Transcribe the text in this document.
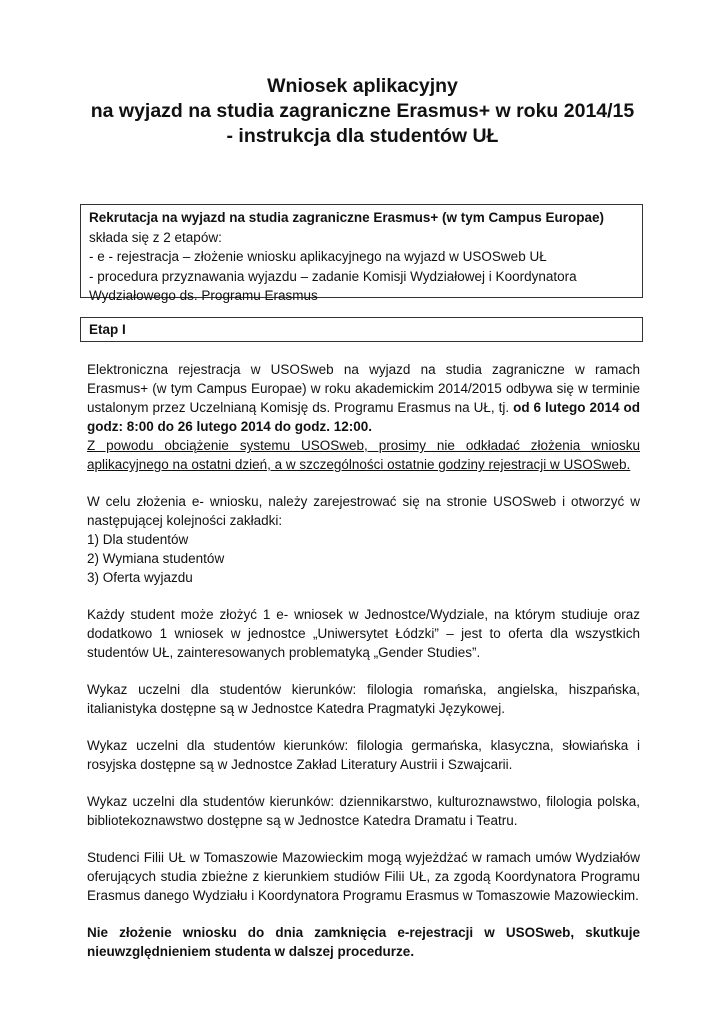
Wniosek aplikacyjny
na wyjazd na studia zagraniczne Erasmus+ w roku 2014/15
- instrukcja dla studentów UŁ
Rekrutacja na wyjazd na studia zagraniczne Erasmus+ (w tym Campus Europae)
składa się z 2 etapów:
- e - rejestracja – złożenie wniosku aplikacyjnego na wyjazd w USOSweb UŁ
- procedura przyznawania wyjazdu – zadanie Komisji Wydziałowej i Koordynatora
Wydziałowego ds. Programu Erasmus
Etap I
Elektroniczna rejestracja w USOSweb na wyjazd na studia zagraniczne w ramach Erasmus+ (w tym Campus Europae) w roku akademickim 2014/2015 odbywa się w terminie ustalonym przez Uczelnianą Komisję ds. Programu Erasmus na UŁ, tj. od 6 lutego 2014 od godz: 8:00 do 26 lutego 2014 do godz. 12:00.
Z powodu obciążenie systemu USOSweb, prosimy nie odkładać złożenia wniosku aplikacyjnego na ostatni dzień, a w szczególności ostatnie godziny rejestracji w USOSweb.
W celu złożenia e- wniosku, należy zarejestrować się na stronie USOSweb i otworzyć w następującej kolejności zakładki:
1) Dla studentów
2) Wymiana studentów
3) Oferta wyjazdu
Każdy student może złożyć 1 e- wniosek w Jednostce/Wydziale, na którym studiuje oraz dodatkowo 1 wniosek w jednostce „Uniwersytet Łódzki” – jest to oferta dla wszystkich studentów UŁ, zainteresowanych problematyką „Gender Studies”.
Wykaz uczelni dla studentów kierunków: filologia romańska, angielska, hiszpańska, italianistyka dostępne są w Jednostce Katedra Pragmatyki Językowej.
Wykaz uczelni dla studentów kierunków: filologia germańska, klasyczna, słowiańska i rosyjska dostępne są w Jednostce Zakład Literatury Austrii i Szwajcarii.
Wykaz uczelni dla studentów kierunków: dziennikarstwo, kulturoznawstwo, filologia polska, bibliotekoznawstwo dostępne są w Jednostce Katedra Dramatu i Teatru.
Studenci Filii UŁ w Tomaszowie Mazowieckim mogą wyjeżdżać w ramach umów Wydziałów oferujących studia zbieżne z kierunkiem studiów Filii UŁ, za zgodą Koordynatora Programu Erasmus danego Wydziału i Koordynatora Programu Erasmus w Tomaszowie Mazowieckim.
Nie złożenie wniosku do dnia zamknięcia e-rejestracji w USOSweb, skutkuje nieuwzględnieniem studenta w dalszej procedurze.
